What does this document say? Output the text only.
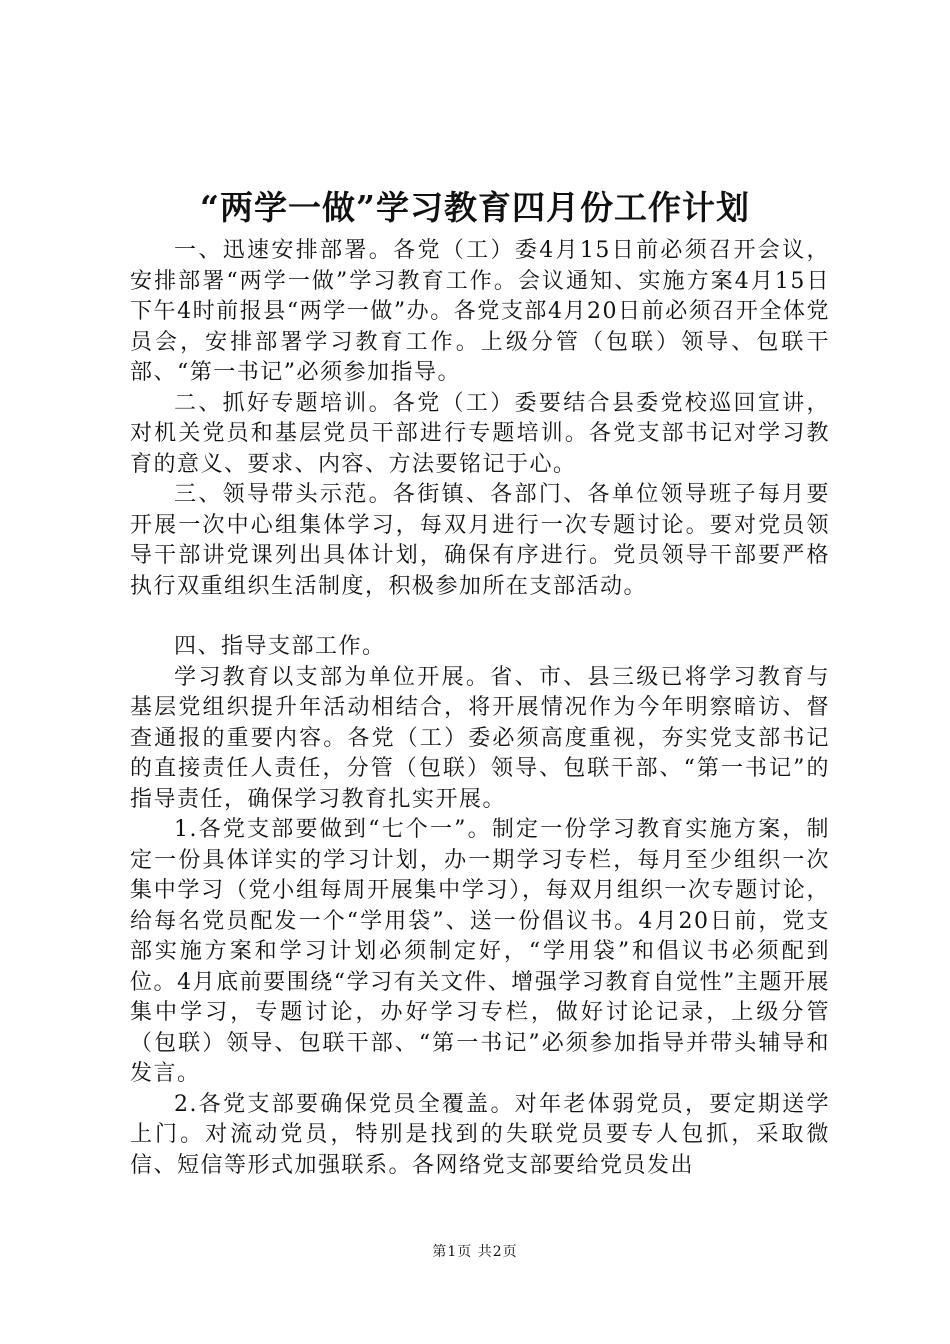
“两学一做”学习教育四月份工作计划

一、迅速安排部署。各党（工）委4月15日前必须召开会议，安排部署“两学一做”学习教育工作。会议通知、实施方案4月15日下午4时前报县“两学一做”办。各党支部4月20日前必须召开全体党员会，安排部署学习教育工作。上级分管（包联）领导、包联干部、“第一书记”必须参加指导。

二、抓好专题培训。各党（工）委要结合县委党校巡回宣讲，对机关党员和基层党员干部进行专题培训。各党支部书记对学习教育的意义、要求、内容、方法要铭记于心。

三、领导带头示范。各街镇、各部门、各单位领导班子每月要开展一次中心组集体学习，每双月进行一次专题讨论。要对党员领导干部讲党课列出具体计划，确保有序进行。党员领导干部要严格执行双重组织生活制度，积极参加所在支部活动。

四、指导支部工作。

学习教育以支部为单位开展。省、市、县三级已将学习教育与基层党组织提升年活动相结合，将开展情况作为今年明察暗访、督查通报的重要内容。各党（工）委必须高度重视，夯实党支部书记的直接责任人责任，分管（包联）领导、包联干部、“第一书记”的指导责任，确保学习教育扎实开展。

1.各党支部要做到“七个一”。制定一份学习教育实施方案，制定一份具体详实的学习计划，办一期学习专栏，每月至少组织一次集中学习（党小组每周开展集中学习），每双月组织一次专题讨论，给每名党员配发一个“学用袋”、送一份倡议书。4月20日前，党支部实施方案和学习计划必须制定好，“学用袋”和倡议书必须配到位。4月底前要围绕“学习有关文件、增强学习教育自觉性”主题开展集中学习，专题讨论，办好学习专栏，做好讨论记录，上级分管（包联）领导、包联干部、“第一书记”必须参加指导并带头辅导和发言。

2.各党支部要确保党员全覆盖。对年老体弱党员，要定期送学上门。对流动党员，特别是找到的失联党员要专人包抓，采取微信、短信等形式加强联系。各网络党支部要给党员发出

第1页 共2页
